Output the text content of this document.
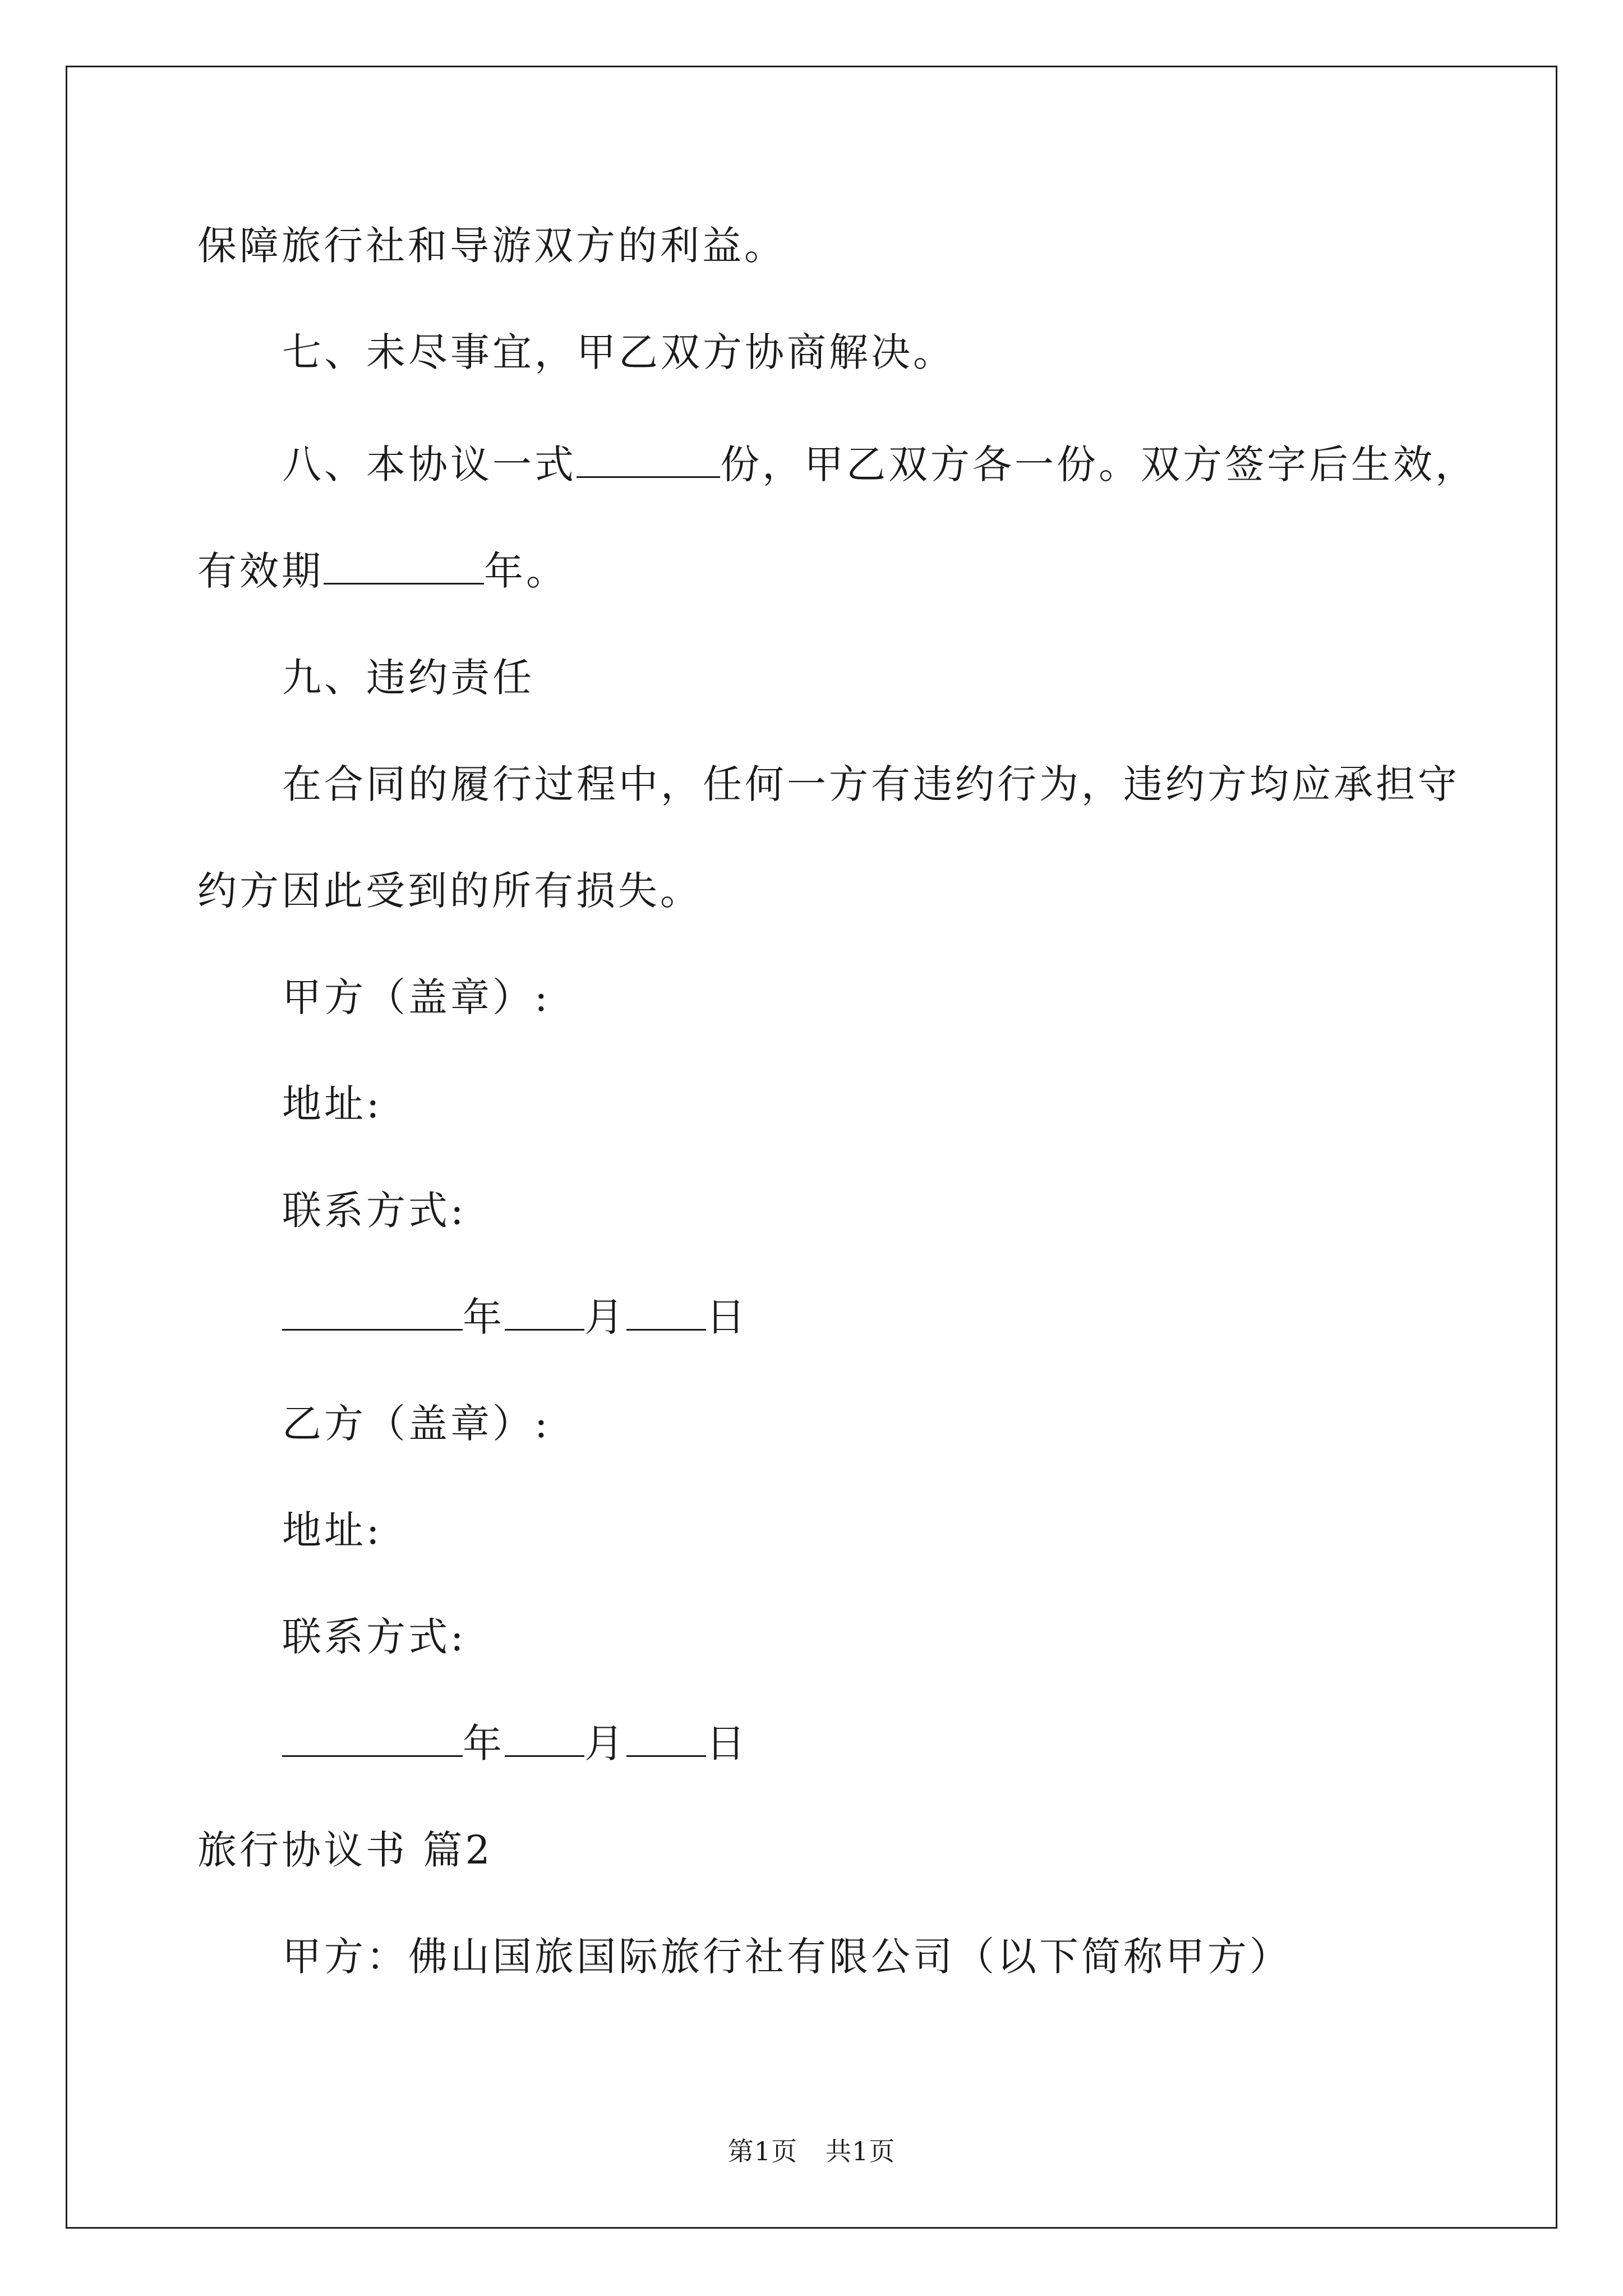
保障旅行社和导游双方的利益。
七、未尽事宜，甲乙双方协商解决。
八、本协议一式	份，甲乙双方各一份。双方签字后生效，
有效期	年。
九、违约责任
在合同的履行过程中，任何一方有违约行为，违约方均应承担守
约方因此受到的所有损失。
甲方（盖章）:
地址:
联系方式:
年 月 日
乙方（盖章）:
地址:
联系方式:
年 月 日
旅行协议书 篇2
甲方：佛山国旅国际旅行社有限公司（以下简称甲方）
第1页 共1页
